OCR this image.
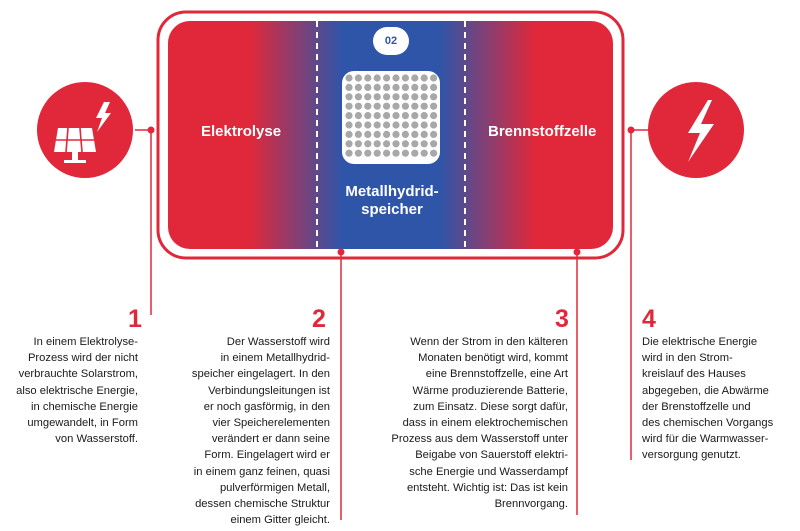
02
Elektrolyse	Brennstoffzelle
Metallhydrid-
speicher
1
In einem Elektrolyse-
Prozess wird der nicht
verbrauchte Solarstrom,
also elektrische Energie,
in chemische Energie
umgewandelt, in Form
von Wasserstoff.
2
Der Wasserstoff wird
in einem Metallhydrid-
speicher eingelagert. In den
Verbindungsleitungen ist
er noch gasförmig, in den
vier Speicherelementen
verändert er dann seine
Form. Eingelagert wird er
in einem ganz feinen, quasi
pulverförmigen Metall,
dessen chemische Struktur
einem Gitter gleicht.
3
Wenn der Strom in den kälteren
Monaten benötigt wird, kommt
eine Brennstoffzelle, eine Art
Wärme produzierende Batterie,
zum Einsatz. Diese sorgt dafür,
dass in einem elektrochemischen
Prozess aus dem Wasserstoff unter
Beigabe von Sauerstoff elektri-
sche Energie und Wasserdampf
entsteht. Wichtig ist: Das ist kein
Brennvorgang.
4
Die elektrische Energie
wird in den Strom-
kreislauf des Hauses
abgegeben, die Abwärme
der Brenstoffzelle und
des chemischen Vorgangs
wird für die Warmwasser-
versorgung genutzt.
